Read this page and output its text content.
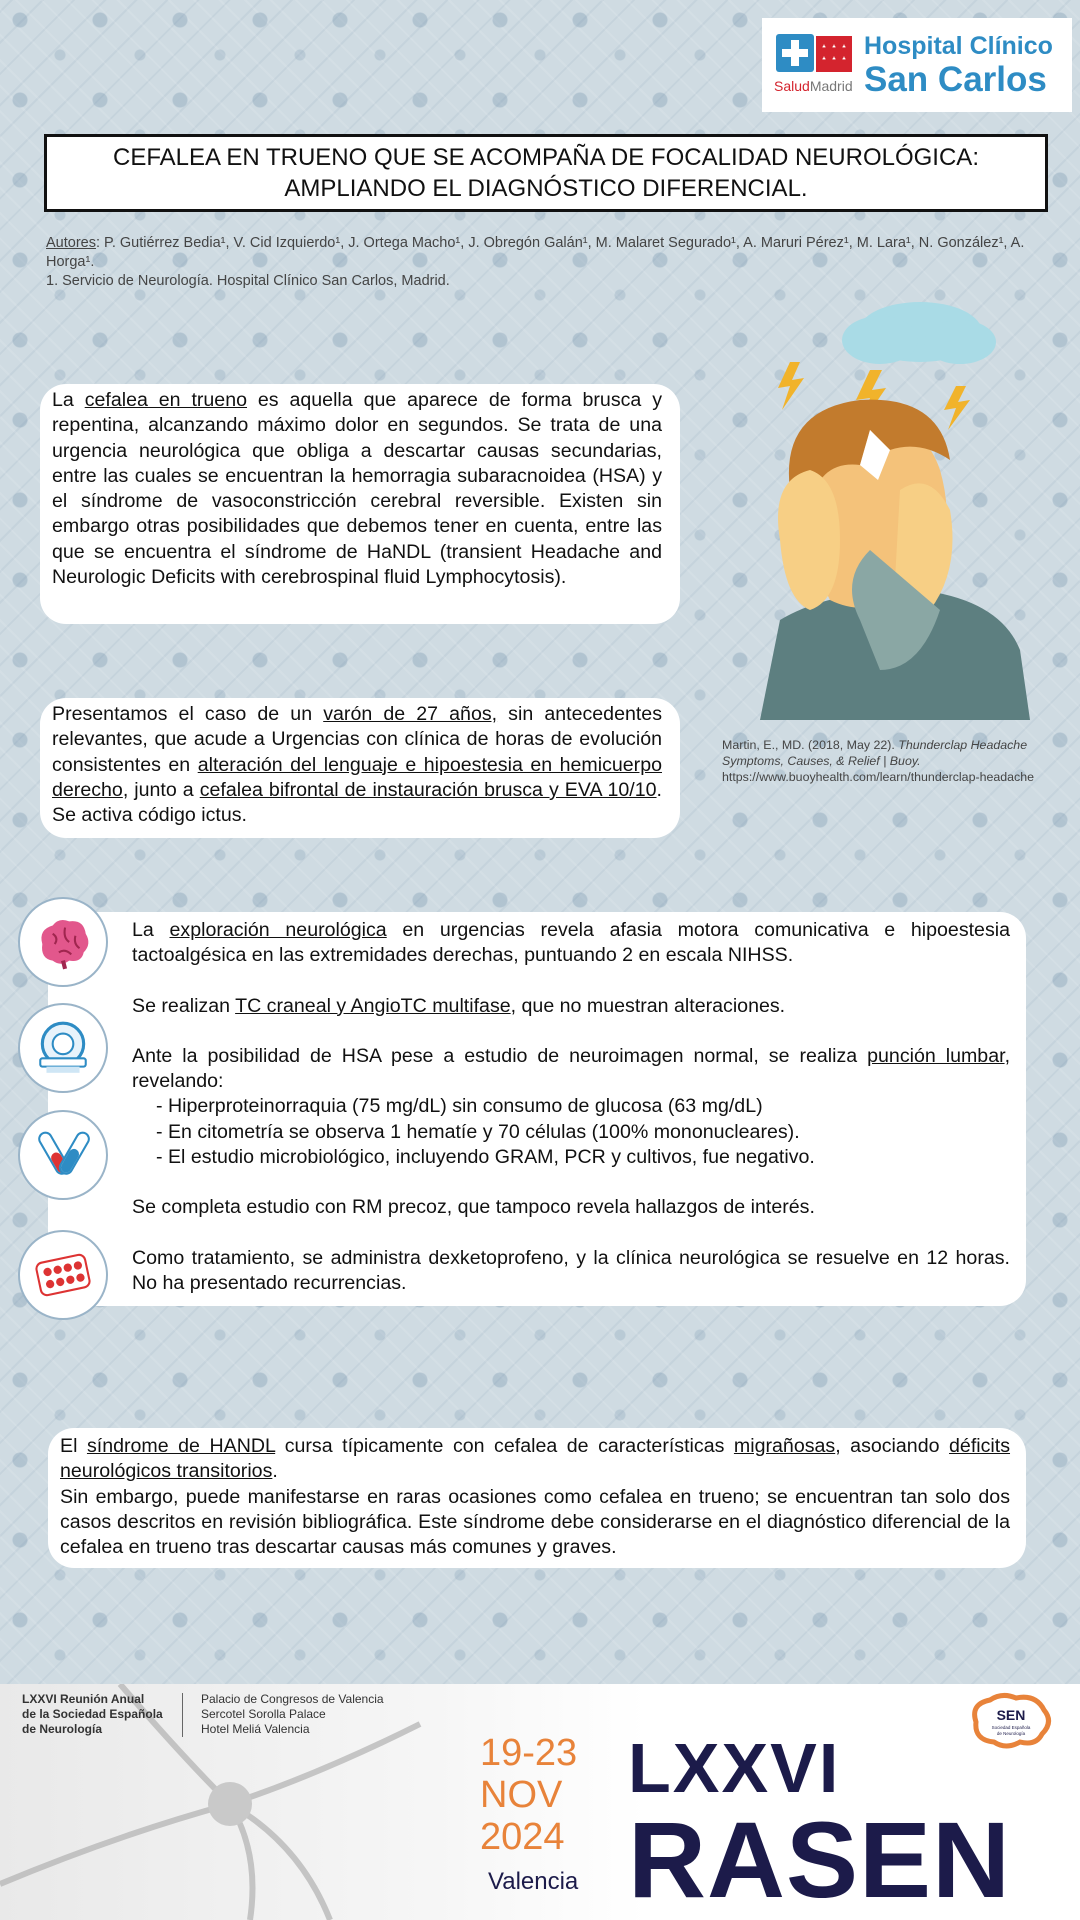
SaludMadrid
Hospital Clínico
San Carlos
CEFALEA EN TRUENO QUE SE ACOMPAÑA DE FOCALIDAD NEUROLÓGICA:
AMPLIANDO EL DIAGNÓSTICO DIFERENCIAL.
Autores: P. Gutiérrez Bedia¹, V. Cid Izquierdo¹, J. Ortega Macho¹, J. Obregón Galán¹, M. Malaret Segurado¹, A. Maruri Pérez¹, M. Lara¹, N. González¹, A. Horga¹.
1. Servicio de Neurología. Hospital Clínico San Carlos, Madrid.
Martin, E., MD. (2018, May 22). Thunderclap Headache Symptoms, Causes, & Relief | Buoy.
https://www.buoyhealth.com/learn/thunderclap-headache
La cefalea en trueno es aquella que aparece de forma brusca y repentina, alcanzando máximo dolor en segundos. Se trata de una urgencia neurológica que obliga a descartar causas secundarias, entre las cuales se encuentran la hemorragia subaracnoidea (HSA) y el síndrome de vasoconstricción cerebral reversible. Existen sin embargo otras posibilidades que debemos tener en cuenta, entre las que se encuentra el síndrome de HaNDL (transient Headache and Neurologic Deficits with cerebrospinal fluid Lymphocytosis).
Presentamos el caso de un varón de 27 años, sin antecedentes relevantes, que acude a Urgencias con clínica de horas de evolución consistentes en alteración del lenguaje e hipoestesia en hemicuerpo derecho, junto a cefalea bifrontal de instauración brusca y EVA 10/10. Se activa código ictus.

La exploración neurológica en urgencias revela afasia motora comunicativa e hipoestesia tactoalgésica en las extremidades derechas, puntuando 2 en escala NIHSS.

Se realizan TC craneal y AngioTC multifase, que no muestran alteraciones.

Ante la posibilidad de HSA pese a estudio de neuroimagen normal, se realiza punción lumbar, revelando:

- Hiperproteinorraquia (75 mg/dL) sin consumo de glucosa (63 mg/dL)

- En citometría se observa 1 hematíe y 70 células (100% mononucleares).

- El estudio microbiológico, incluyendo GRAM, PCR y cultivos, fue negativo.

Se completa estudio con RM precoz, que tampoco revela hallazgos de interés.

Como tratamiento, se administra dexketoprofeno, y la clínica neurológica se resuelve en 12 horas. No ha presentado recurrencias.

El síndrome de HANDL cursa típicamente con cefalea de características migrañosas, asociando déficits neurológicos transitorios.
Sin embargo, puede manifestarse en raras ocasiones como cefalea en trueno; se encuentran tan solo dos casos descritos en revisión bibliográfica. Este síndrome debe considerarse en el diagnóstico diferencial de la cefalea en trueno tras descartar causas más comunes y graves.
LXXVI Reunión Anual
de la Sociedad Española
de Neurología
Palacio de Congresos de Valencia
Sercotel Sorolla Palace
Hotel Meliá Valencia
19-23
NOV
2024
Valencia
LXXVI
RASEN
SEN
Sociedad Española
de Neurología
